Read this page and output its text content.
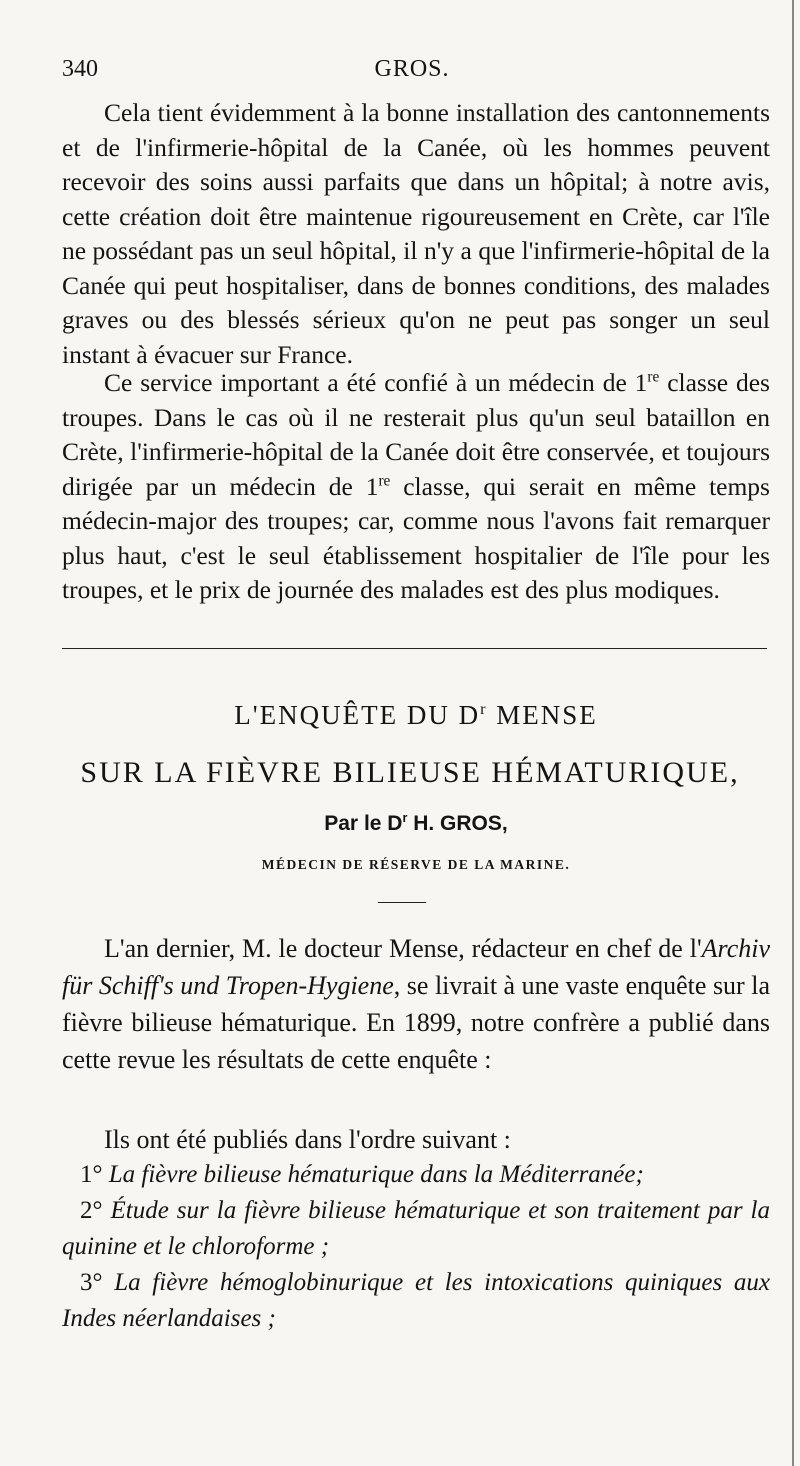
340	GROS.

Cela tient évidemment à la bonne installation des cantonnements et de l'infirmerie-hôpital de la Canée, où les hommes peuvent recevoir des soins aussi parfaits que dans un hôpital; à notre avis, cette création doit être maintenue rigoureusement en Crète, car l'île ne possédant pas un seul hôpital, il n'y a que l'infirmerie-hôpital de la Canée qui peut hospitaliser, dans de bonnes conditions, des malades graves ou des blessés sérieux qu'on ne peut pas songer un seul instant à évacuer sur France.

Ce service important a été confié à un médecin de 1re classe des troupes. Dans le cas où il ne resterait plus qu'un seul bataillon en Crète, l'infirmerie-hôpital de la Canée doit être conservée, et toujours dirigée par un médecin de 1re classe, qui serait en même temps médecin-major des troupes; car, comme nous l'avons fait remarquer plus haut, c'est le seul établissement hospitalier de l'île pour les troupes, et le prix de journée des malades est des plus modiques.

L'ENQUÊTE DU $D^r$ MENSE
SUR LA FIÈVRE BILIEUSE HÉMATURIQUE,
Par le $D^r$ H. GROS,
MÉDECIN DE RÉSERVE DE LA MARINE.

L'an dernier, M. le docteur Mense, rédacteur en chef de l'Archiv für Schiff's und Tropen-Hygiene, se livrait à une vaste enquête sur la fièvre bilieuse hématurique. En 1899, notre confrère a publié dans cette revue les résultats de cette enquête :

Ils ont été publiés dans l'ordre suivant :

1° La fièvre bilieuse hématurique dans la Méditerranée;

2° Étude sur la fièvre bilieuse hématurique et son traitement par la quinine et le chloroforme ;

3° La fièvre hémoglobinurique et les intoxications quiniques aux Indes néerlandaises ;
